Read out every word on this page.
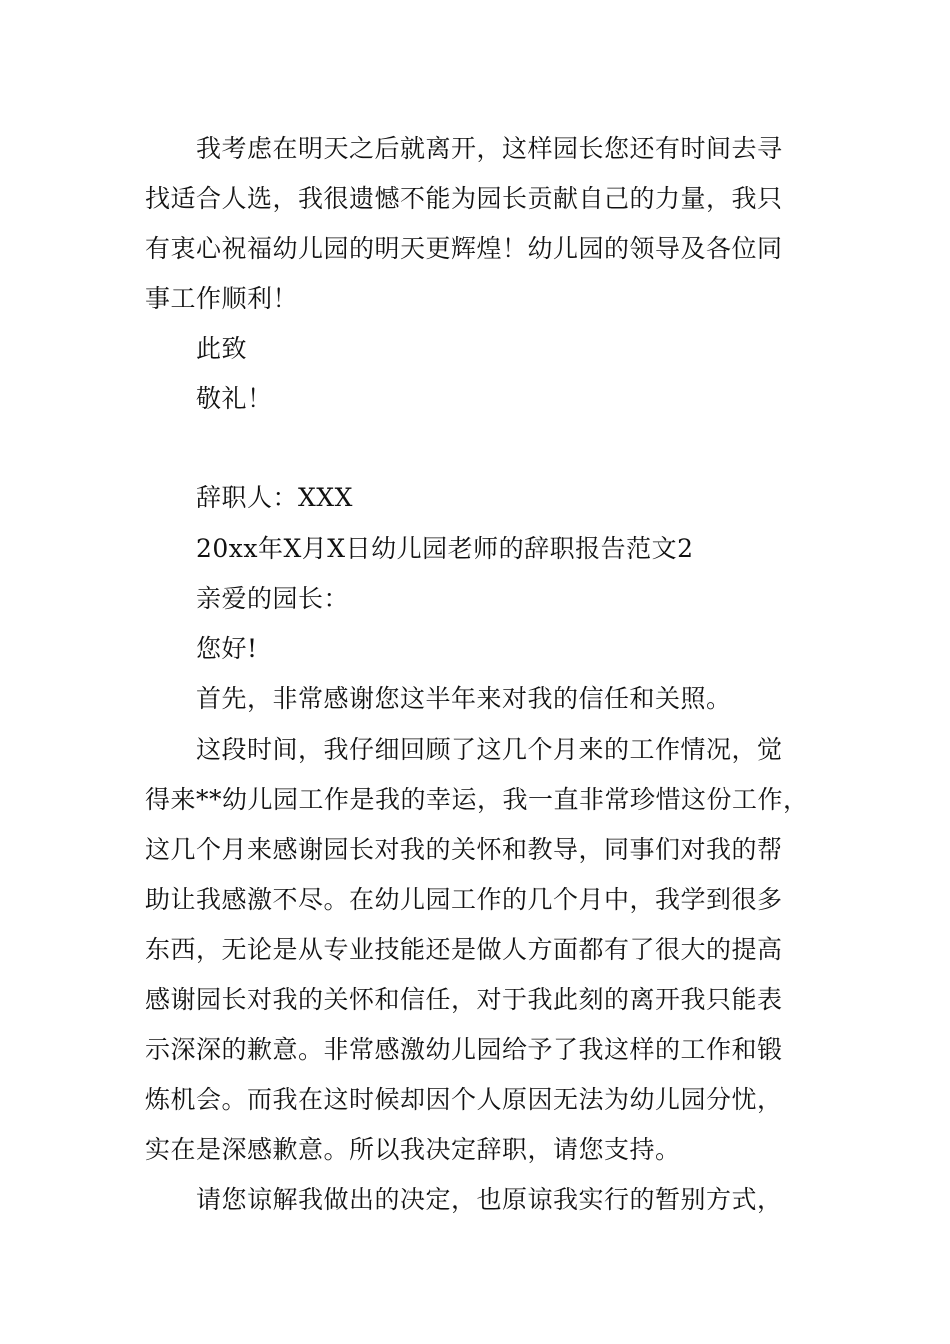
我考虑在明天之后就离开，这样园长您还有时间去寻
找适合人选，我很遗憾不能为园长贡献自己的力量，我只
有衷心祝福幼儿园的明天更辉煌！幼儿园的领导及各位同
事工作顺利！
此致
敬礼！
辞职人：XXX
20xx年X月X日幼儿园老师的辞职报告范文2
亲爱的园长：
您好!
首先，非常感谢您这半年来对我的信任和关照。
这段时间，我仔细回顾了这几个月来的工作情况，觉
得来**幼儿园工作是我的幸运，我一直非常珍惜这份工作，
这几个月来感谢园长对我的关怀和教导，同事们对我的帮
助让我感激不尽。在幼儿园工作的几个月中，我学到很多
东西，无论是从专业技能还是做人方面都有了很大的提高
感谢园长对我的关怀和信任，对于我此刻的离开我只能表
示深深的歉意。非常感激幼儿园给予了我这样的工作和锻
炼机会。而我在这时候却因个人原因无法为幼儿园分忧，
实在是深感歉意。所以我决定辞职，请您支持。
请您谅解我做出的决定，也原谅我实行的暂别方式，
